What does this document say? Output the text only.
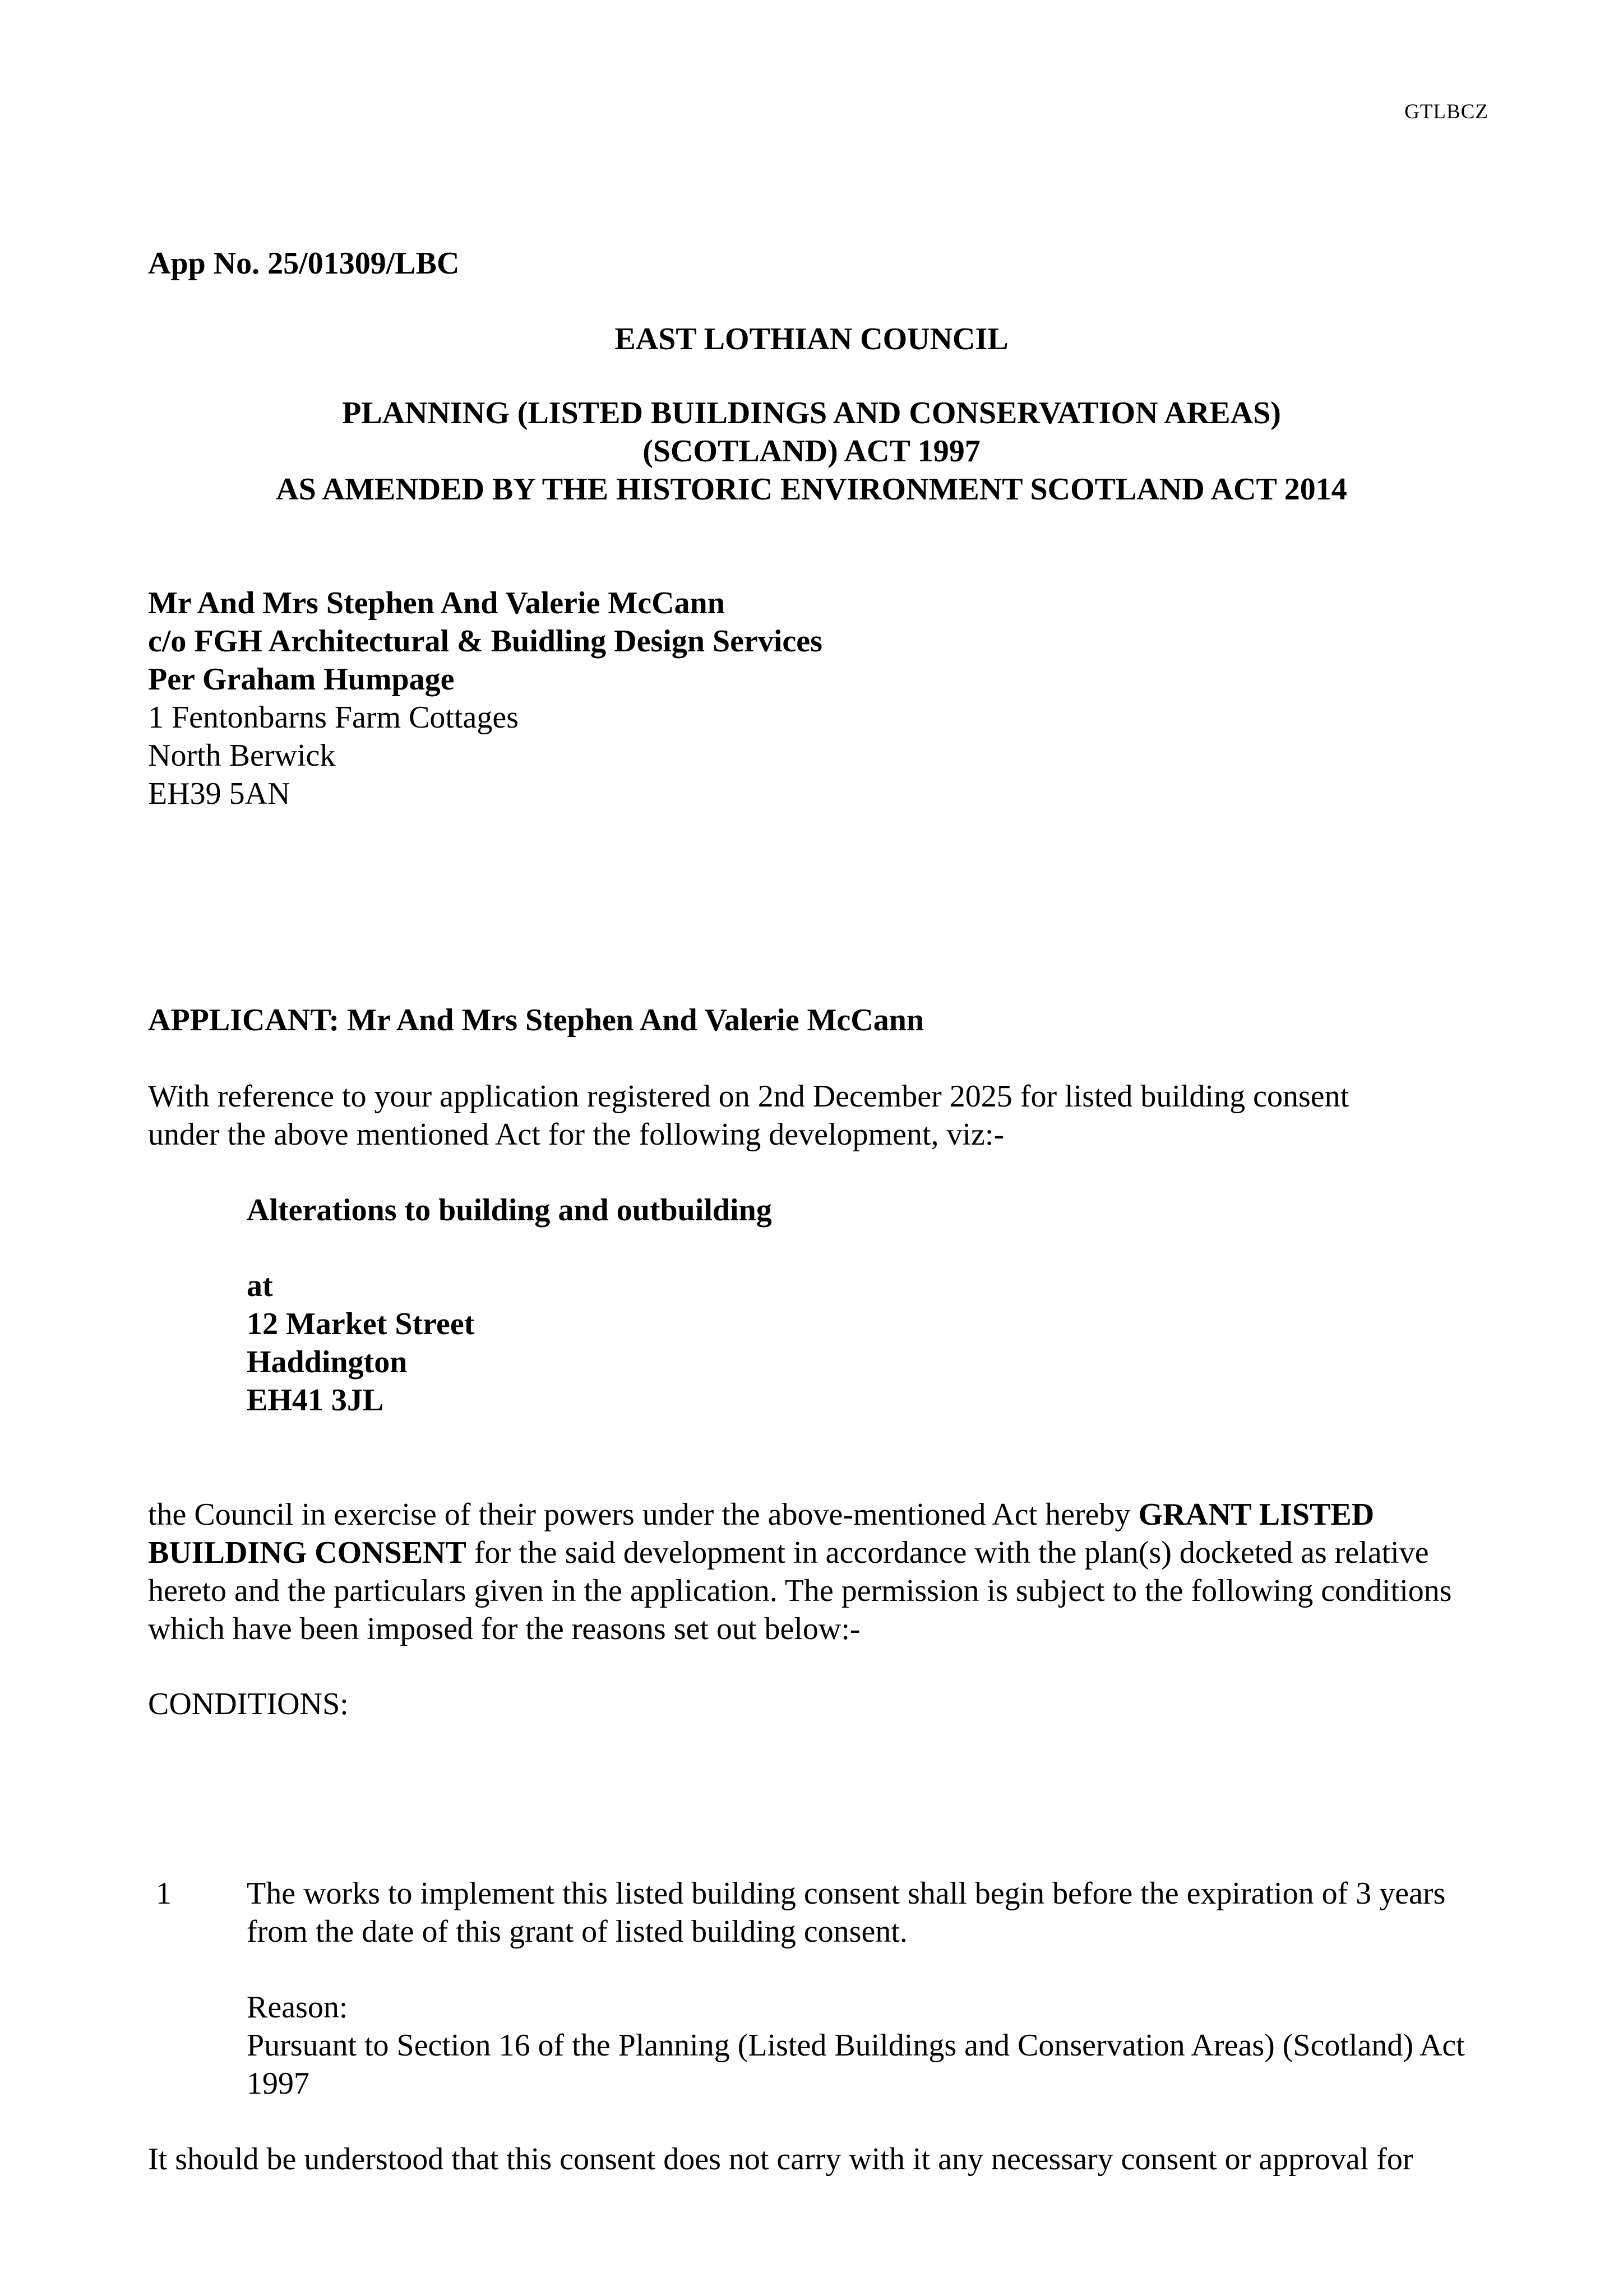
GTLBCZ

App No. 25/01309/LBC

EAST LOTHIAN COUNCIL

PLANNING (LISTED BUILDINGS AND CONSERVATION AREAS)
(SCOTLAND) ACT 1997
AS AMENDED BY THE HISTORIC ENVIRONMENT SCOTLAND ACT 2014
Mr And Mrs Stephen And Valerie McCann
c/o FGH Architectural & Buidling Design Services
Per Graham Humpage
1 Fentonbarns Farm Cottages
North Berwick
EH39 5AN

APPLICANT: Mr And Mrs Stephen And Valerie McCann

With reference to your application registered on 2nd December 2025 for listed building consent
under the above mentioned Act for the following development, viz:-

Alterations to building and outbuilding

at
12 Market Street
Haddington
EH41 3JL

the Council in exercise of their powers under the above-mentioned Act hereby GRANT LISTED BUILDING CONSENT for the said development in accordance with the plan(s) docketed as relative hereto and the particulars given in the application. The permission is subject to the following conditions which have been imposed for the reasons set out below:-

CONDITIONS:

1 The works to implement this listed building consent shall begin before the expiration of 3 years from the date of this grant of listed building consent.

Reason:

Pursuant to Section 16 of the Planning (Listed Buildings and Conservation Areas) (Scotland) Act 1997

It should be understood that this consent does not carry with it any necessary consent or approval for
